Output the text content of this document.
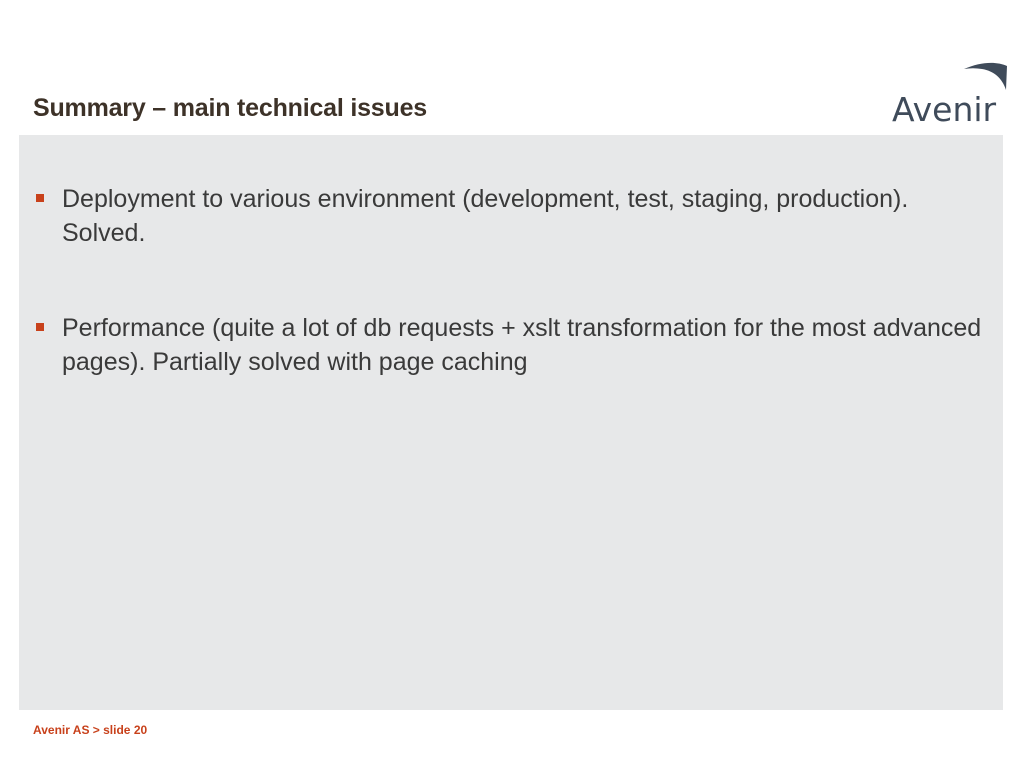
Summary – main technical issues	Avenir
Deployment to various environment (development, test, staging, production). Solved.
Performance (quite a lot of db requests + xslt transformation for the most advanced pages). Partially solved with page caching
Avenir AS > slide 20
